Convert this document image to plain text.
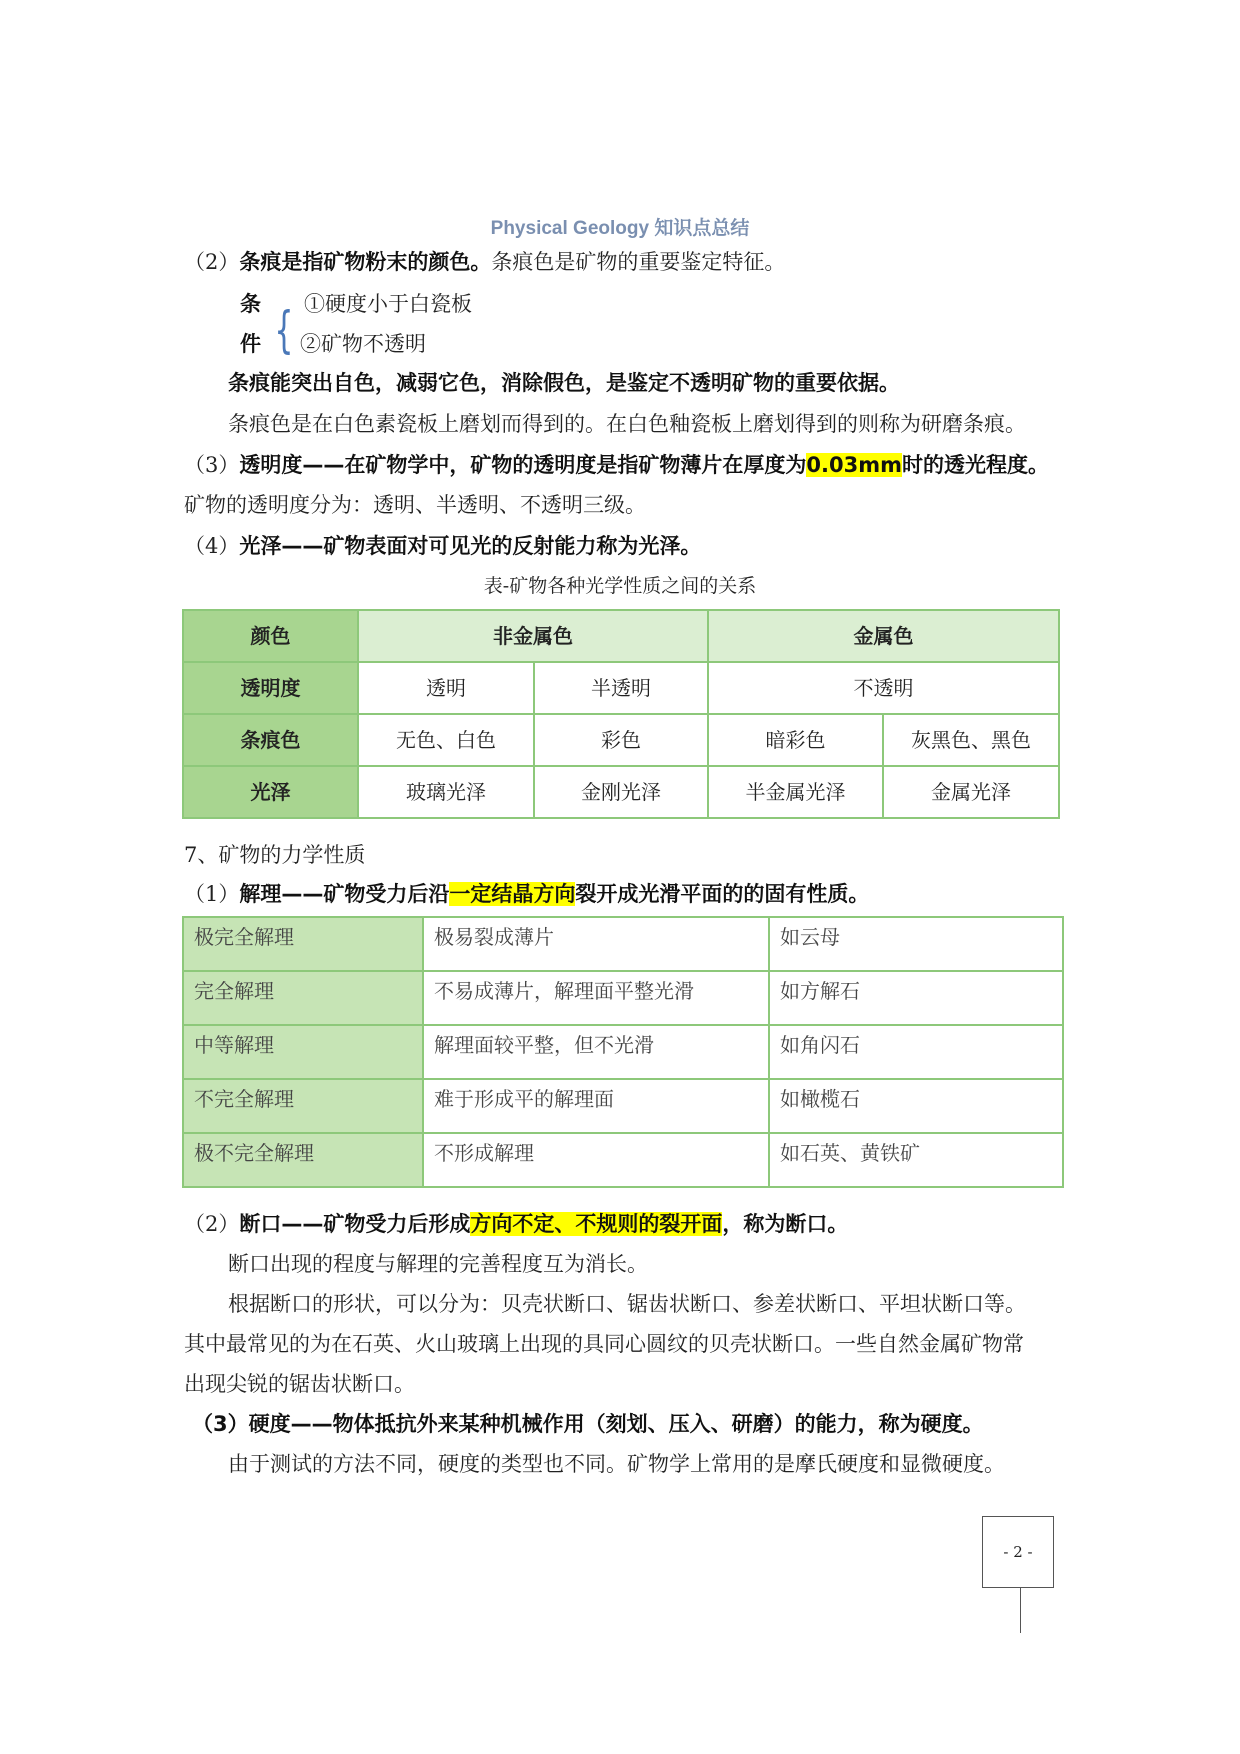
Physical Geology 知识点总结
（2）条痕是指矿物粉末的颜色。条痕色是矿物的重要鉴定特征。
条
件 { ①硬度小于白瓷板
②矿物不透明
条痕能突出自色，减弱它色，消除假色，是鉴定不透明矿物的重要依据。
条痕色是在白色素瓷板上磨划而得到的。在白色釉瓷板上磨划得到的则称为研磨条痕。
（3）透明度——在矿物学中，矿物的透明度是指矿物薄片在厚度为0.03mm时的透光程度。
矿物的透明度分为：透明、半透明、不透明三级。
（4）光泽——矿物表面对可见光的反射能力称为光泽。
表-矿物各种光学性质之间的关系
颜色	非金属色		金属色	
透明度	透明	半透明	不透明	
条痕色	无色、白色	彩色	暗彩色	灰黑色、黑色
光泽	玻璃光泽	金刚光泽	半金属光泽	金属光泽
7、矿物的力学性质
（1）解理——矿物受力后沿一定结晶方向裂开成光滑平面的的固有性质。
极完全解理	极易裂成薄片	如云母
完全解理	不易成薄片，解理面平整光滑	如方解石
中等解理	解理面较平整，但不光滑	如角闪石
不完全解理	难于形成平的解理面	如橄榄石
极不完全解理	不形成解理	如石英、黄铁矿
（2）断口——矿物受力后形成方向不定、不规则的裂开面，称为断口。
断口出现的程度与解理的完善程度互为消长。
根据断口的形状，可以分为：贝壳状断口、锯齿状断口、参差状断口、平坦状断口等。
其中最常见的为在石英、火山玻璃上出现的具同心圆纹的贝壳状断口。一些自然金属矿物常
出现尖锐的锯齿状断口。
（3）硬度——物体抵抗外来某种机械作用（刻划、压入、研磨）的能力，称为硬度。
由于测试的方法不同，硬度的类型也不同。矿物学上常用的是摩氏硬度和显微硬度。
- 2 -
